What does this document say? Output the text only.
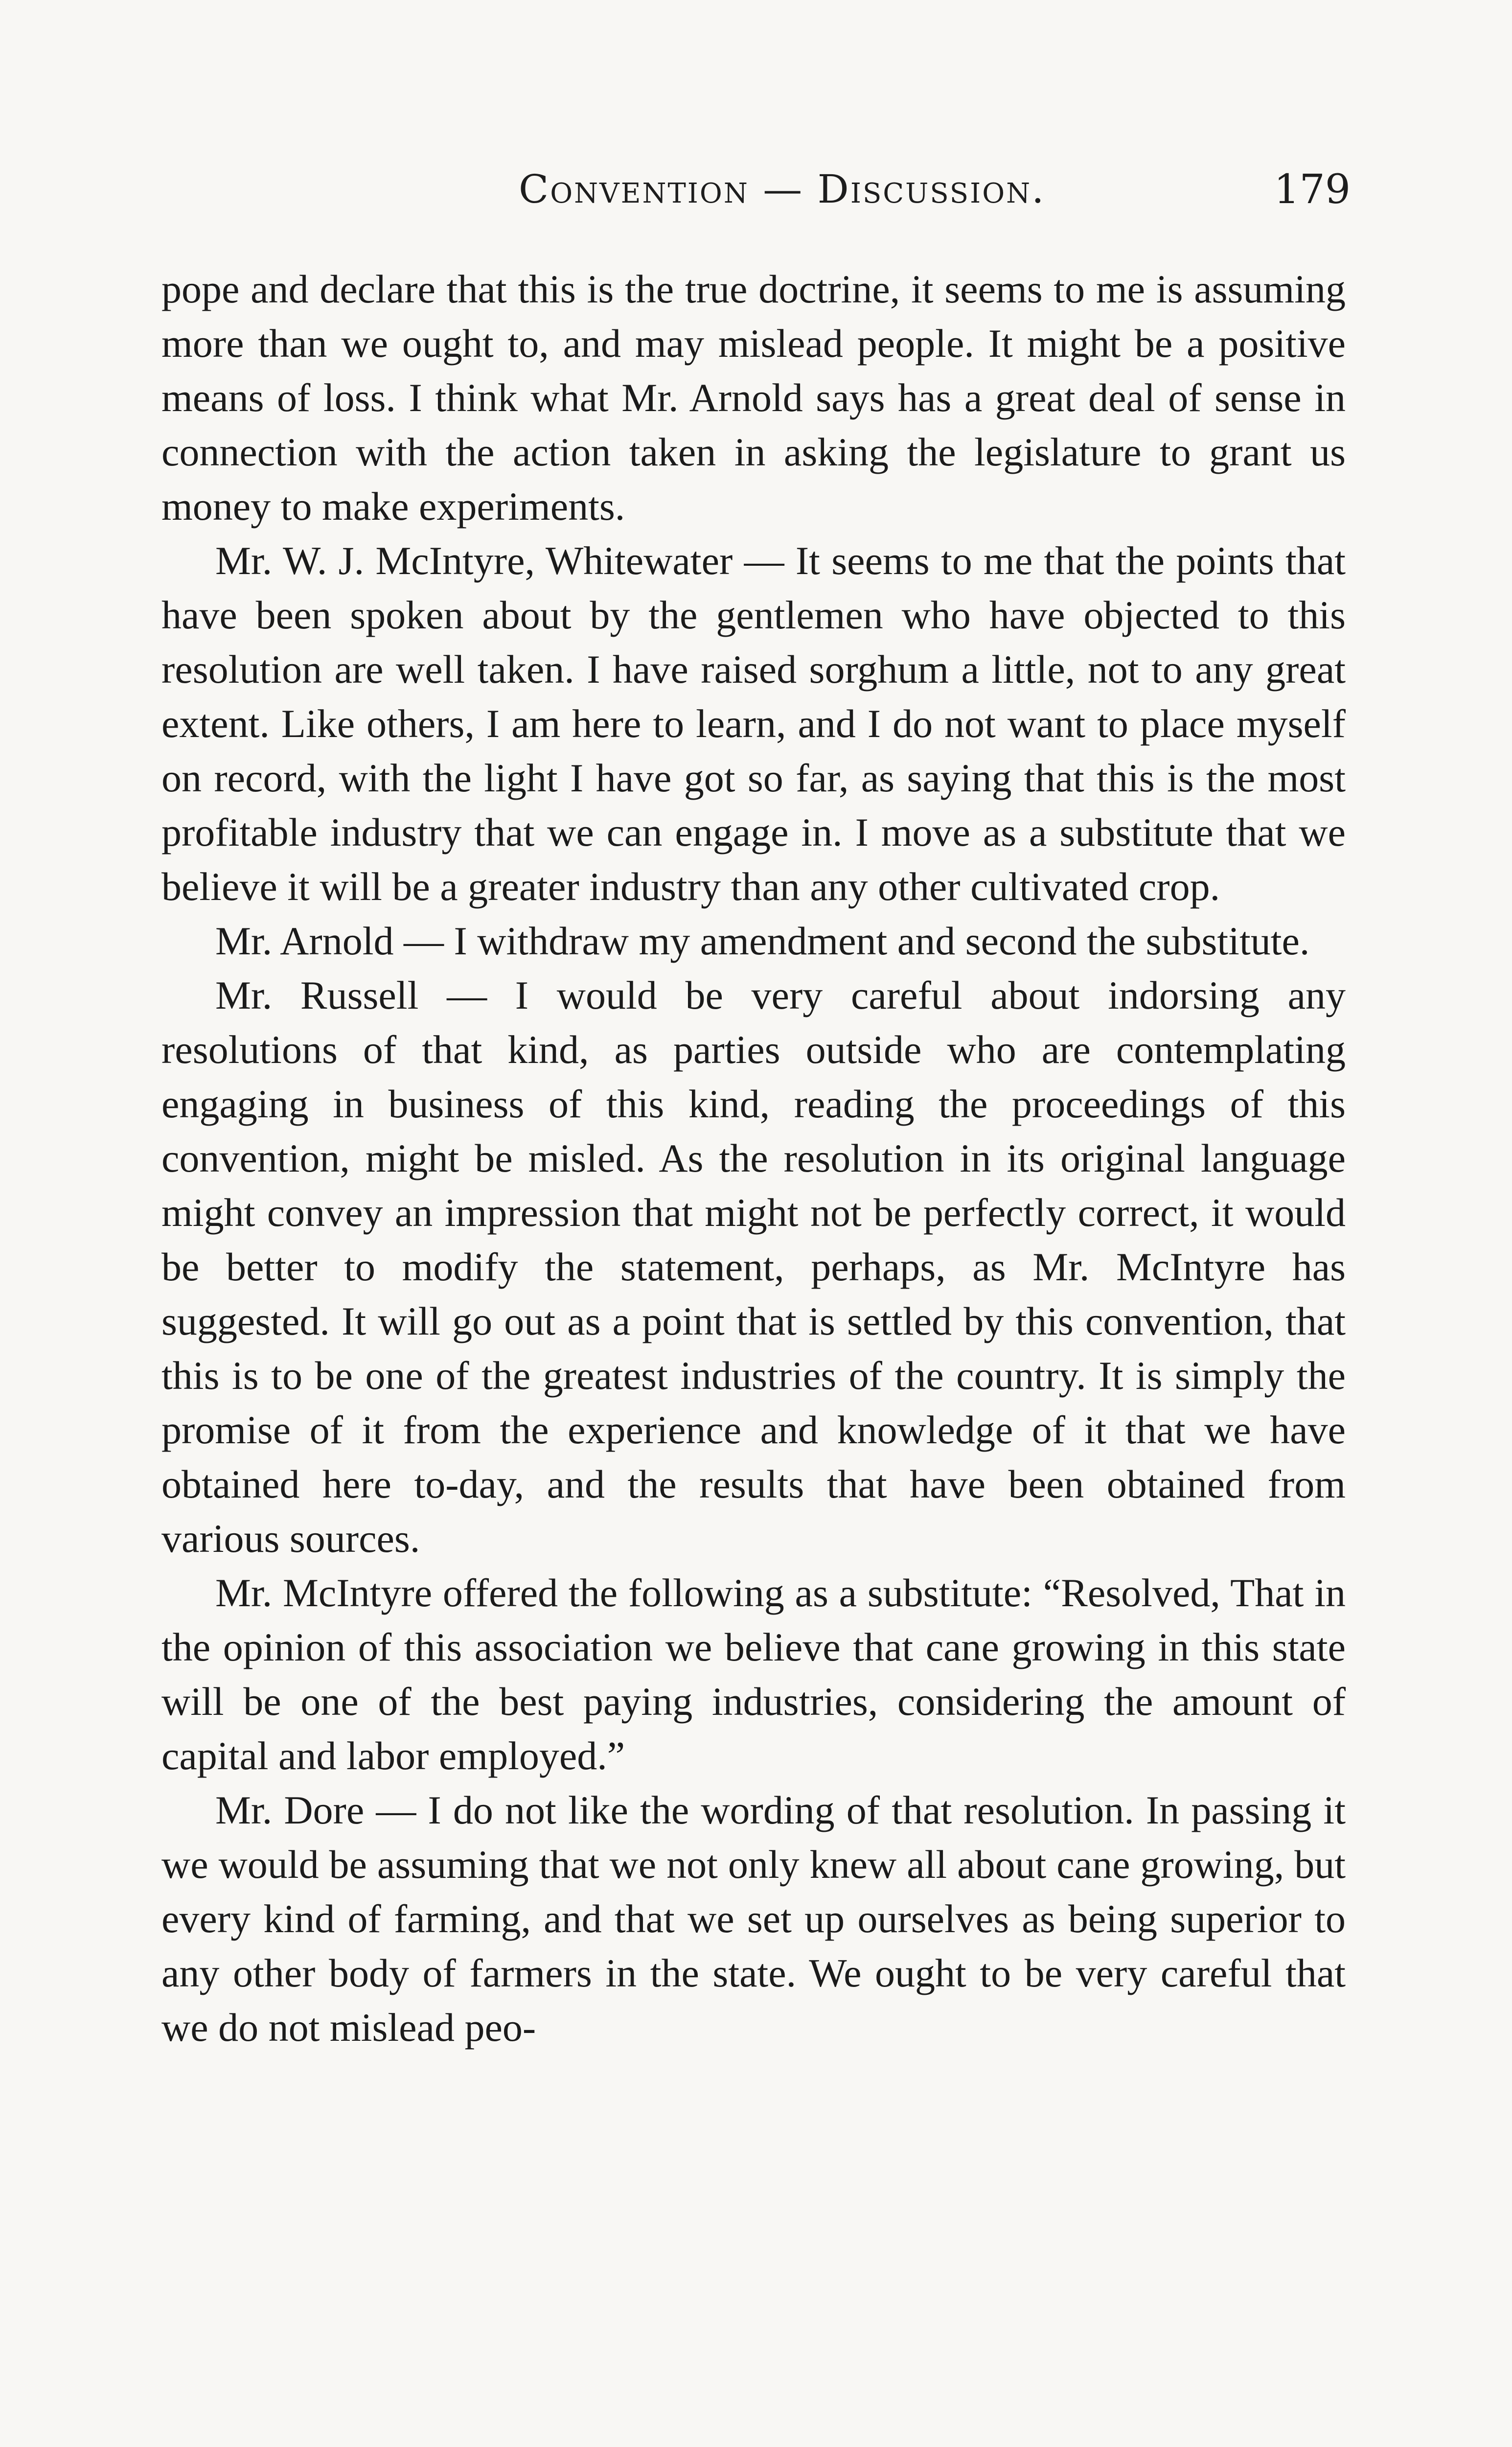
Convention — Discussion.	179

pope and declare that this is the true doctrine, it seems to me is assuming more than we ought to, and may mislead people. It might be a positive means of loss. I think what Mr. Arnold says has a great deal of sense in connection with the action taken in asking the legislature to grant us money to make experiments.

Mr. W. J. McIntyre, Whitewater — It seems to me that the points that have been spoken about by the gentlemen who have objected to this resolution are well taken. I have raised sorghum a little, not to any great extent. Like others, I am here to learn, and I do not want to place myself on record, with the light I have got so far, as saying that this is the most profitable industry that we can engage in. I move as a substitute that we believe it will be a greater industry than any other cultivated crop.

Mr. Arnold — I withdraw my amendment and second the substitute.

Mr. Russell — I would be very careful about indorsing any resolutions of that kind, as parties outside who are contemplating engaging in business of this kind, reading the proceedings of this convention, might be misled. As the resolution in its original language might convey an impression that might not be perfectly correct, it would be better to modify the statement, perhaps, as Mr. McIntyre has suggested. It will go out as a point that is settled by this convention, that this is to be one of the greatest industries of the country. It is simply the promise of it from the experience and knowledge of it that we have obtained here to-day, and the results that have been obtained from various sources.

Mr. McIntyre offered the following as a substitute: “Resolved, That in the opinion of this association we believe that cane growing in this state will be one of the best paying industries, considering the amount of capital and labor employed.”

Mr. Dore — I do not like the wording of that resolution. In passing it we would be assuming that we not only knew all about cane growing, but every kind of farming, and that we set up ourselves as being superior to any other body of farmers in the state. We ought to be very careful that we do not mislead peo-
